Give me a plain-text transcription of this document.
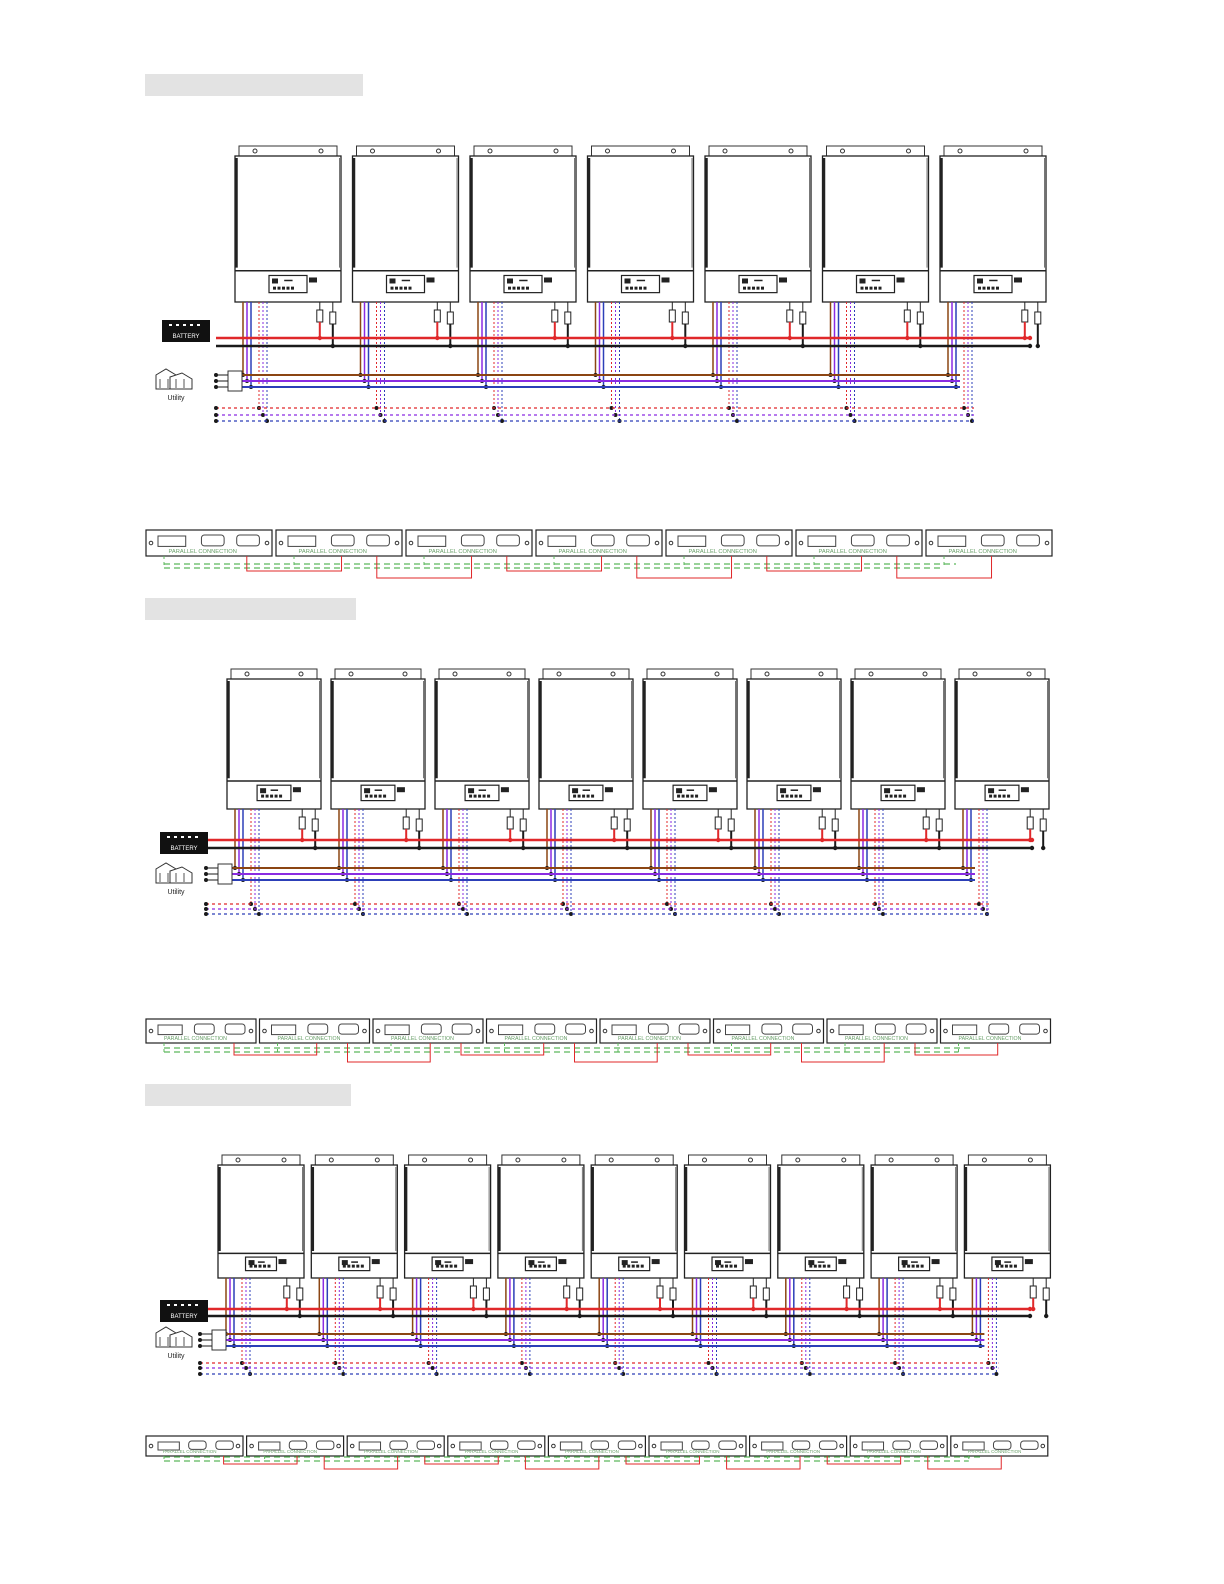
BATTERY
Utility
PARALLEL CONNECTION	PARALLEL CONNECTION	PARALLEL CONNECTION	PARALLEL CONNECTION	PARALLEL CONNECTION	PARALLEL CONNECTION	PARALLEL CONNECTION
BATTERY
Utility
PARALLEL CONNECTION	PARALLEL CONNECTION	PARALLEL CONNECTION	PARALLEL CONNECTION	PARALLEL CONNECTION	PARALLEL CONNECTION	PARALLEL CONNECTION	PARALLEL CONNECTION
BATTERY
Utility
PARALLEL CONNECTION	PARALLEL CONNECTION	PARALLEL CONNECTION	PARALLEL CONNECTION	PARALLEL CONNECTION	PARALLEL CONNECTION	PARALLEL CONNECTION	PARALLEL CONNECTION	PARALLEL CONNECTION
